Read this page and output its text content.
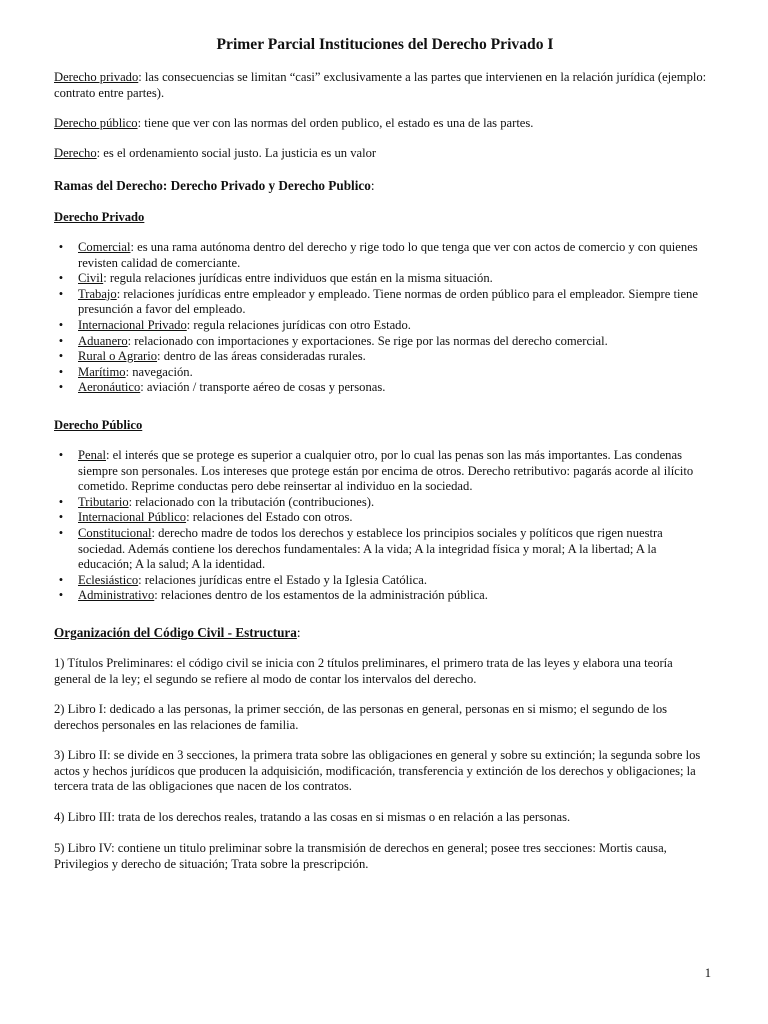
Primer Parcial Instituciones del Derecho Privado I

Derecho privado: las consecuencias se limitan “casi” exclusivamente a las partes que intervienen en la relación jurídica (ejemplo: contrato entre partes).

Derecho público: tiene que ver con las normas del orden publico, el estado es una de las partes.

Derecho: es el ordenamiento social justo. La justicia es un valor

Ramas del Derecho: Derecho Privado y Derecho Publico:

Derecho Privado

• Comercial: es una rama autónoma dentro del derecho y rige todo lo que tenga que ver con actos de comercio y con quienes revisten calidad de comerciante.
• Civil: regula relaciones jurídicas entre individuos que están en la misma situación.
• Trabajo: relaciones jurídicas entre empleador y empleado. Tiene normas de orden público para el empleador. Siempre tiene presunción a favor del empleado.
• Internacional Privado: regula relaciones jurídicas con otro Estado.
• Aduanero: relacionado con importaciones y exportaciones. Se rige por las normas del derecho comercial.
• Rural o Agrario: dentro de las áreas consideradas rurales.
• Marítimo: navegación.
• Aeronáutico: aviación / transporte aéreo de cosas y personas.

Derecho Público

• Penal: el interés que se protege es superior a cualquier otro, por lo cual las penas son las más importantes. Las condenas siempre son personales. Los intereses que protege están por encima de otros. Derecho retributivo: pagarás acorde al ilícito cometido. Reprime conductas pero debe reinsertar al individuo en la sociedad.
• Tributario: relacionado con la tributación (contribuciones).
• Internacional Público: relaciones del Estado con otros.
• Constitucional: derecho madre de todos los derechos y establece los principios sociales y políticos que rigen nuestra sociedad. Además contiene los derechos fundamentales: A la vida; A la integridad física y moral; A la libertad; A la educación; A la salud; A la identidad.
• Eclesiástico: relaciones jurídicas entre el Estado y la Iglesia Católica.
• Administrativo: relaciones dentro de los estamentos de la administración pública.

Organización del Código Civil - Estructura:

1) Títulos Preliminares: el código civil se inicia con 2 títulos preliminares, el primero trata de las leyes y elabora una teoría general de la ley; el segundo se refiere al modo de contar los intervalos del derecho.

2) Libro I: dedicado a las personas, la primer sección, de las personas en general, personas en si mismo; el segundo de los derechos personales en las relaciones de familia.

3) Libro II: se divide en 3 secciones, la primera trata sobre las obligaciones en general y sobre su extinción; la segunda sobre los actos y hechos jurídicos que producen la adquisición, modificación, transferencia y extinción de los derechos y obligaciones; la tercera trata de las obligaciones que nacen de los contratos.

4) Libro III: trata de los derechos reales, tratando a las cosas en si mismas o en relación a las personas.

5) Libro IV: contiene un titulo preliminar sobre la transmisión de derechos en general; posee tres secciones: Mortis causa, Privilegios y derecho de situación; Trata sobre la prescripción.

1
